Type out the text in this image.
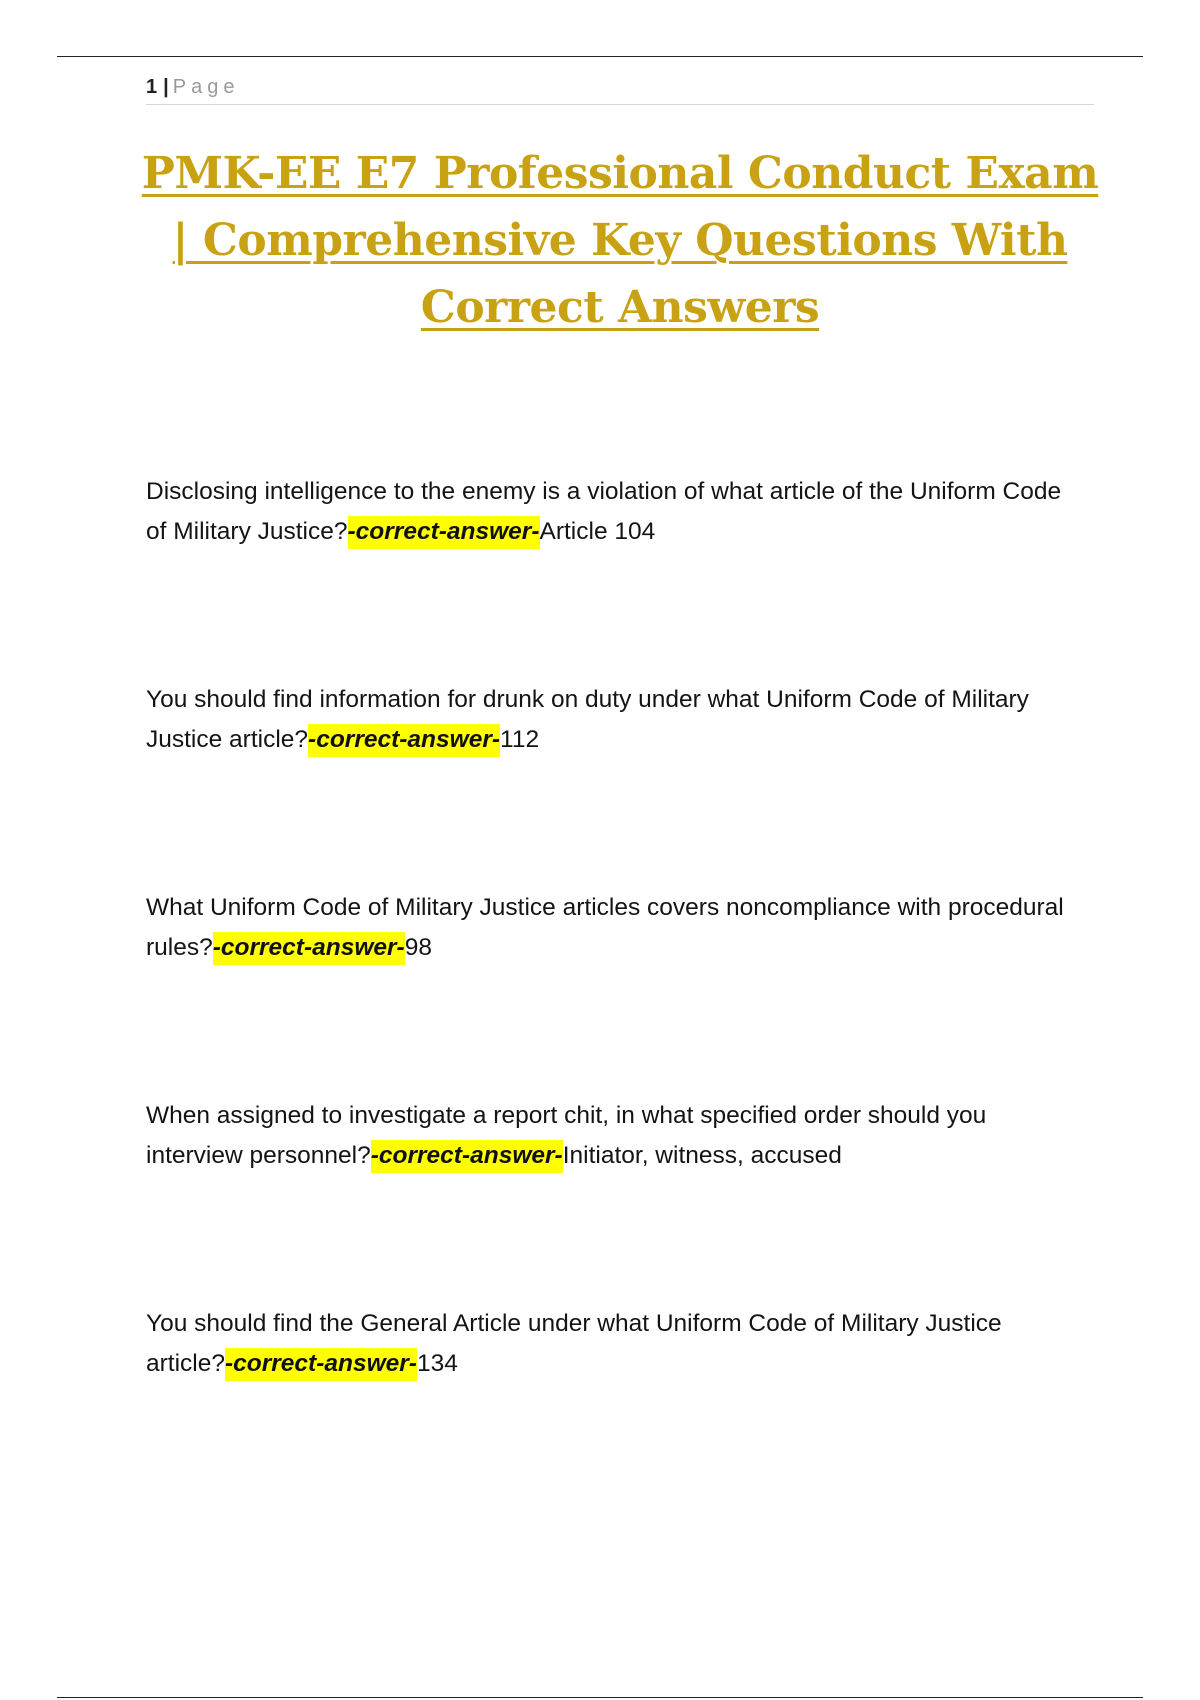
1 | Page
PMK-EE E7 Professional Conduct Exam | Comprehensive Key Questions With Correct Answers

Disclosing intelligence to the enemy is a violation of what article of the Uniform Code of Military Justice?-correct-answer-Article 104

You should find information for drunk on duty under what Uniform Code of Military Justice article?-correct-answer-112

What Uniform Code of Military Justice articles covers noncompliance with procedural rules?-correct-answer-98

When assigned to investigate a report chit, in what specified order should you interview personnel?-correct-answer-Initiator, witness, accused

You should find the General Article under what Uniform Code of Military Justice article?-correct-answer-134
